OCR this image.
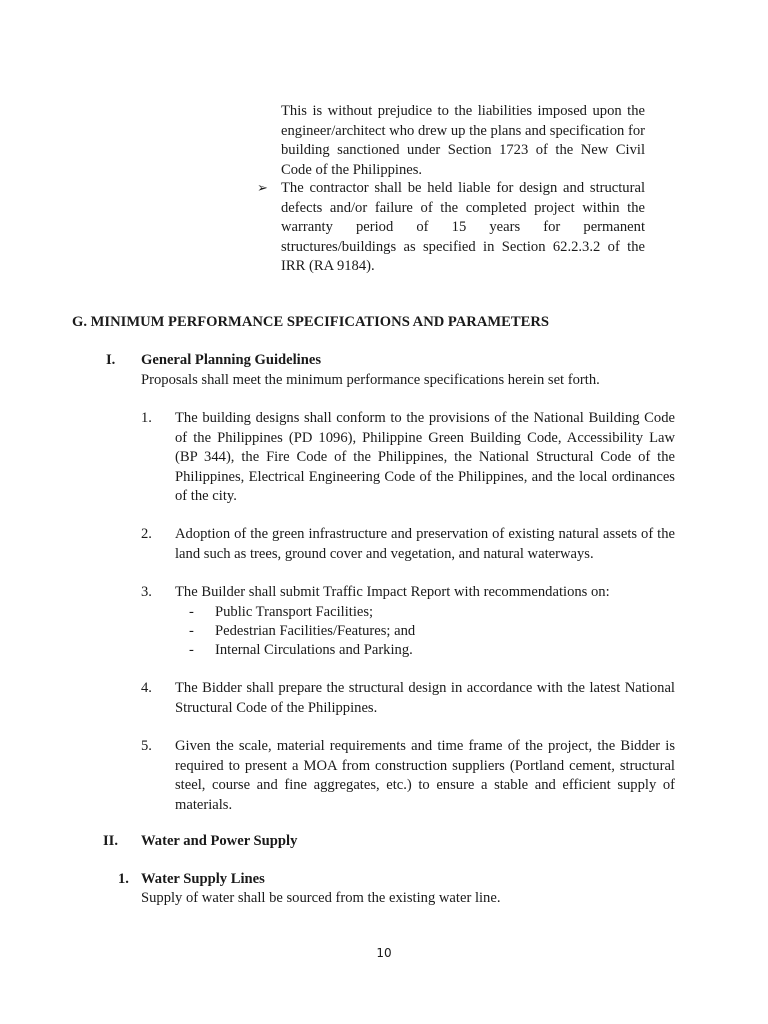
This is without prejudice to the liabilities imposed upon the engineer/architect who drew up the plans and specification for building sanctioned under Section 1723 of the New Civil Code of the Philippines.

➢ The contractor shall be held liable for design and structural defects and/or failure of the completed project within the warranty period of 15 years for permanent structures/buildings as specified in Section 62.2.3.2 of the IRR (RA 9184).

G. MINIMUM PERFORMANCE SPECIFICATIONS AND PARAMETERS
I.	General Planning Guidelines
Proposals shall meet the minimum performance specifications herein set forth.
1.	The building designs shall conform to the provisions of the National Building Code of the Philippines (PD 1096), Philippine Green Building Code, Accessibility Law (BP 344), the Fire Code of the Philippines, the National Structural Code of the Philippines, Electrical Engineering Code of the Philippines, and the local ordinances of the city.

2.	Adoption of the green infrastructure and preservation of existing natural assets of the land such as trees, ground cover and vegetation, and natural waterways.

3.	The Builder shall submit Traffic Impact Report with recommendations on:

- Public Transport Facilities;
- Pedestrian Facilities/Features; and
- Internal Circulations and Parking.
4.	The Bidder shall prepare the structural design in accordance with the latest National Structural Code of the Philippines.

5.	Given the scale, material requirements and time frame of the project, the Bidder is required to present a MOA from construction suppliers (Portland cement, structural steel, course and fine aggregates, etc.) to ensure a stable and efficient supply of materials.

II.	Water and Power Supply
1. Water Supply Lines
Supply of water shall be sourced from the existing water line.
10
